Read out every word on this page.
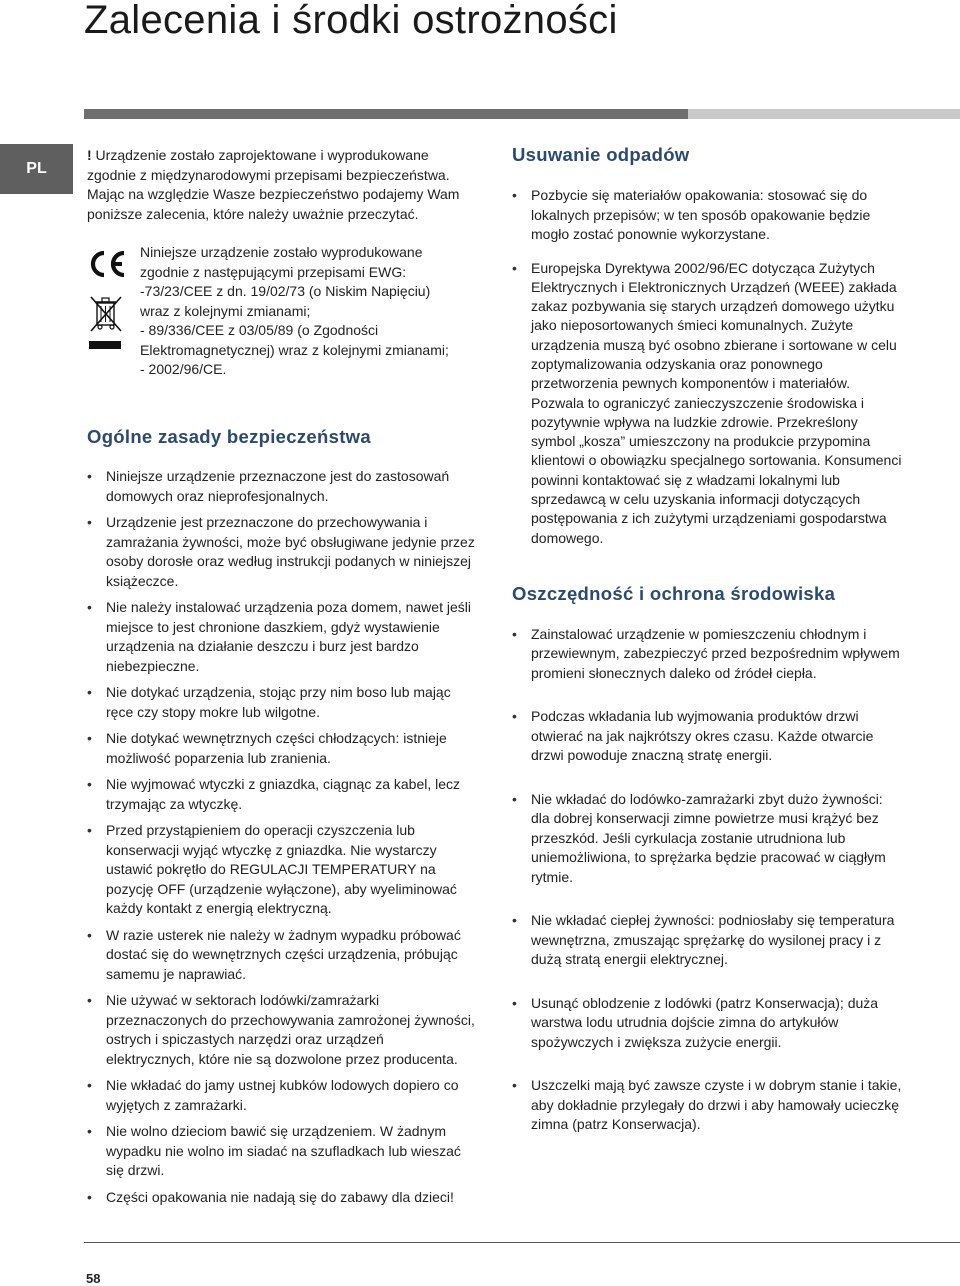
Zalecenia i środki ostrożności
PL

! Urządzenie zostało zaprojektowane i wyprodukowane zgodnie z międzynarodowymi przepisami bezpieczeństwa. Mając na względzie Wasze bezpieczeństwo podajemy Wam poniższe zalecenia, które należy uważnie przeczytać.

Niniejsze urządzenie zostało wyprodukowane
zgodnie z następującymi przepisami EWG:
-73/23/CEE z dn. 19/02/73 (o Niskim Napięciu)
wraz z kolejnymi zmianami;
- 89/336/CEE z 03/05/89 (o Zgodności
Elektromagnetycznej) wraz z kolejnymi zmianami;
- 2002/96/CE.
Ogólne zasady bezpieczeństwa
• Niniejsze urządzenie przeznaczone jest do zastosowań domowych oraz nieprofesjonalnych.
• Urządzenie jest przeznaczone do przechowywania i zamrażania żywności, może być obsługiwane jedynie przez osoby dorosłe oraz według instrukcji podanych w niniejszej książeczce.
• Nie należy instalować urządzenia poza domem, nawet jeśli miejsce to jest chronione daszkiem, gdyż wystawienie urządzenia na działanie deszczu i burz jest bardzo niebezpieczne.
• Nie dotykać urządzenia, stojąc przy nim boso lub mając ręce czy stopy mokre lub wilgotne.
• Nie dotykać wewnętrznych części chłodzących: istnieje możliwość poparzenia lub zranienia.
• Nie wyjmować wtyczki z gniazdka, ciągnąc za kabel, lecz trzymając za wtyczkę.
• Przed przystąpieniem do operacji czyszczenia lub konserwacji wyjąć wtyczkę z gniazdka. Nie wystarczy ustawić pokrętło do REGULACJI TEMPERATURY na pozycję OFF (urządzenie wyłączone), aby wyeliminować każdy kontakt z energią elektryczną.
• W razie usterek nie należy w żadnym wypadku próbować dostać się do wewnętrznych części urządzenia, próbując samemu je naprawiać.
• Nie używać w sektorach lodówki/zamrażarki przeznaczonych do przechowywania zamrożonej żywności, ostrych i spiczastych narzędzi oraz urządzeń elektrycznych, które nie są dozwolone przez producenta.
• Nie wkładać do jamy ustnej kubków lodowych dopiero co wyjętych z zamrażarki.
• Nie wolno dzieciom bawić się urządzeniem. W żadnym wypadku nie wolno im siadać na szufladkach lub wieszać się drzwi.
• Części opakowania nie nadają się do zabawy dla dzieci!
Usuwanie odpadów
• Pozbycie się materiałów opakowania: stosować się do lokalnych przepisów; w ten sposób opakowanie będzie mogło zostać ponownie wykorzystane.
• Europejska Dyrektywa 2002/96/EC dotycząca Zużytych Elektrycznych i Elektronicznych Urządzeń (WEEE) zakłada zakaz pozbywania się starych urządzeń domowego użytku jako nieposortowanych śmieci komunalnych. Zużyte urządzenia muszą być osobno zbierane i sortowane w celu zoptymalizowania odzyskania oraz ponownego przetworzenia pewnych komponentów i materiałów. Pozwala to ograniczyć zanieczyszczenie środowiska i pozytywnie wpływa na ludzkie zdrowie. Przekreślony symbol „kosza” umieszczony na produkcie przypomina klientowi o obowiązku specjalnego sortowania. Konsumenci powinni kontaktować się z władzami lokalnymi lub sprzedawcą w celu uzyskania informacji dotyczących postępowania z ich zużytymi urządzeniami gospodarstwa domowego.
Oszczędność i ochrona środowiska
• Zainstalować urządzenie w pomieszczeniu chłodnym i przewiewnym, zabezpieczyć przed bezpośrednim wpływem promieni słonecznych daleko od źródeł ciepła.
• Podczas wkładania lub wyjmowania produktów drzwi otwierać na jak najkrótszy okres czasu. Każde otwarcie drzwi powoduje znaczną stratę energii.
• Nie wkładać do lodówko-zamrażarki zbyt dużo żywności: dla dobrej konserwacji zimne powietrze musi krążyć bez przeszkód. Jeśli cyrkulacja zostanie utrudniona lub uniemożliwiona, to sprężarka będzie pracować w ciągłym rytmie.
• Nie wkładać ciepłej żywności: podniosłaby się temperatura wewnętrzna, zmuszając sprężarkę do wysilonej pracy i z dużą stratą energii elektrycznej.
• Usunąć oblodzenie z lodówki (patrz Konserwacja); duża warstwa lodu utrudnia dojście zimna do artykułów spożywczych i zwiększa zużycie energii.
• Uszczelki mają być zawsze czyste i w dobrym stanie i takie, aby dokładnie przylegały do drzwi i aby hamowały ucieczkę zimna (patrz Konserwacja).
58
